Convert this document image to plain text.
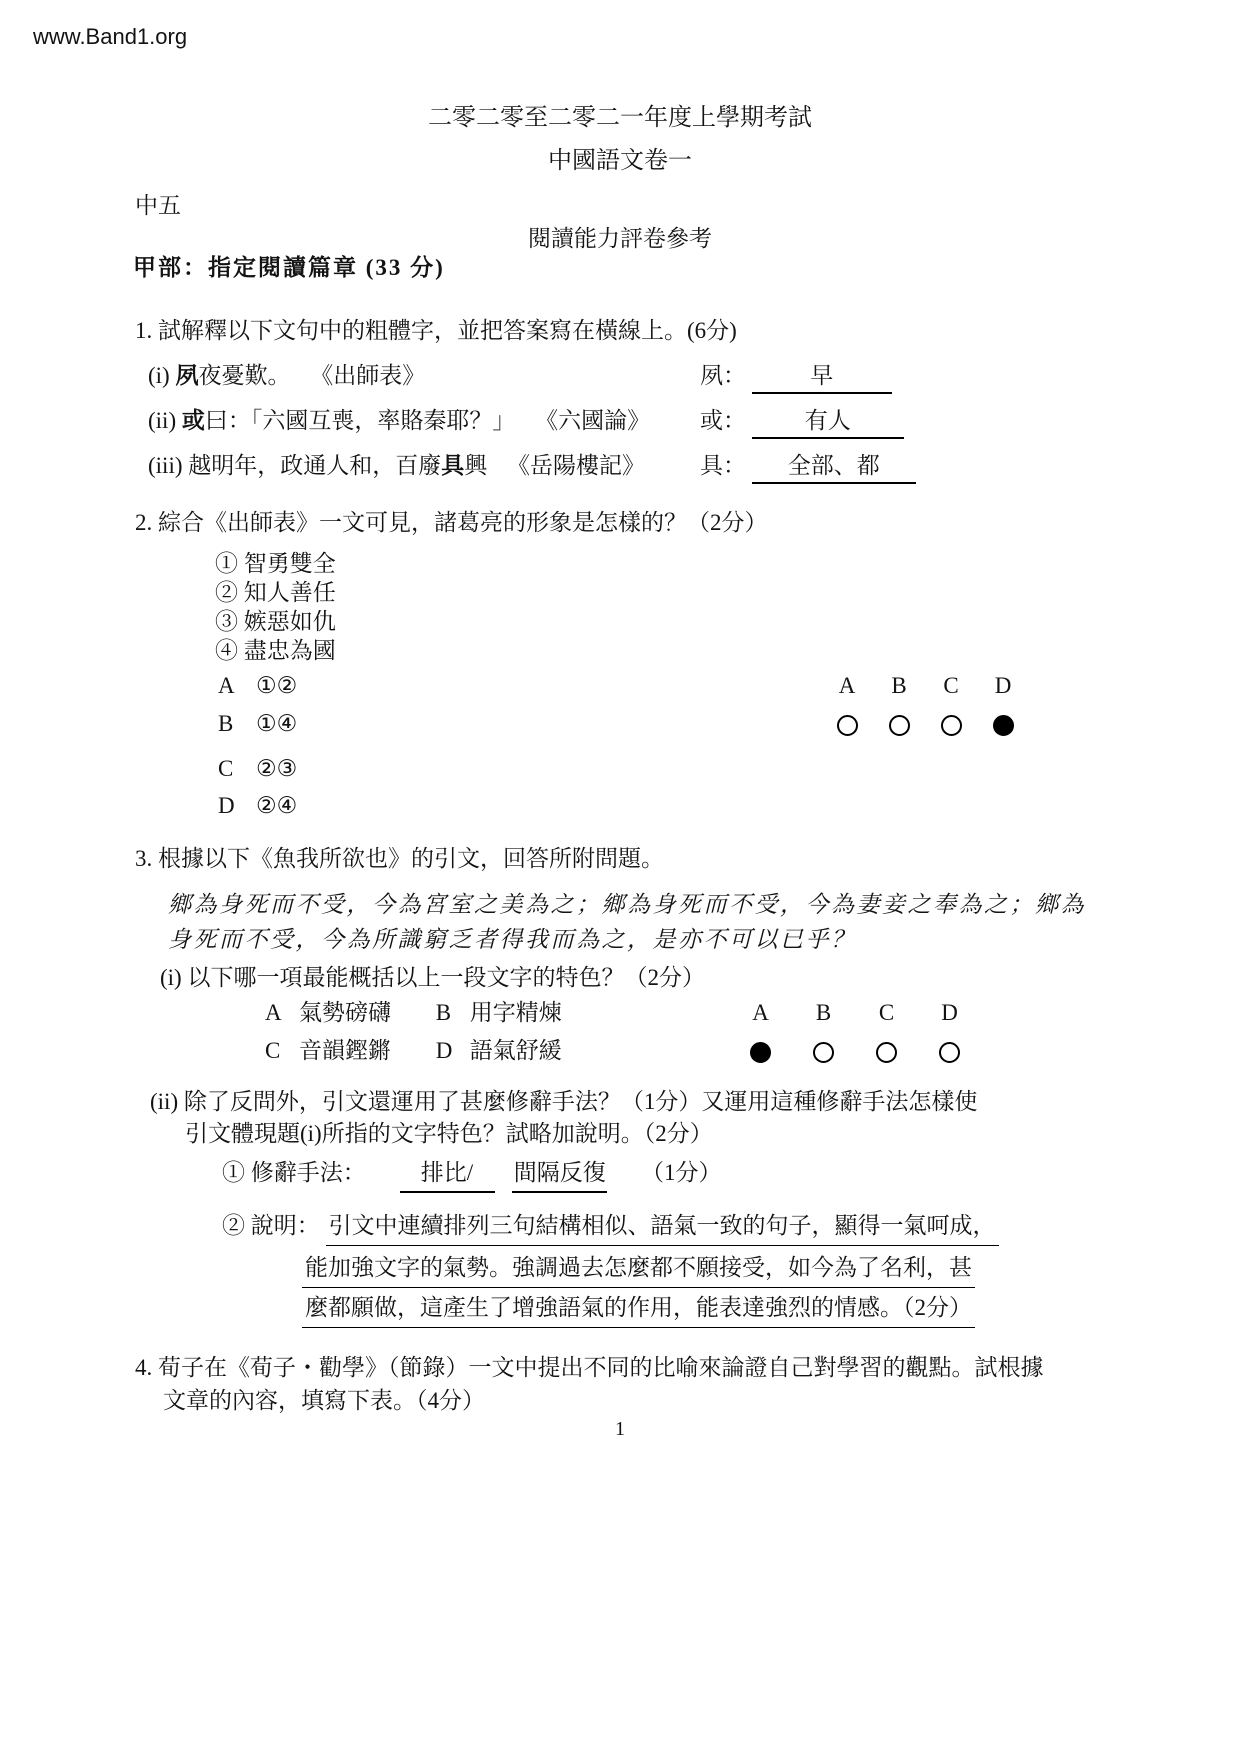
www.Band1.org
二零二零至二零二一年度上學期考試
中國語文卷一
中五
閱讀能力評卷參考
甲部：指定閱讀篇章 (33 分)
1. 試解釋以下文句中的粗體字，並把答案寫在橫線上。(6分)
(i) 夙夜憂歎。 《出師表》	夙：	早
(ii) 或曰：「六國互喪，率賂秦耶？」 《六國論》 或：	有人
(iii) 越明年，政通人和，百廢具興 《岳陽樓記》 具： 全部、都
2. 綜合《出師表》一文可見，諸葛亮的形象是怎樣的？（2分）
① 智勇雙全
② 知人善任
③ 嫉惡如仇
④ 盡忠為國
A ①②	A	B	C	D
B ①④
C ②③
D ②④
3. 根據以下《魚我所欲也》的引文，回答所附問題。
鄉為身死而不受，今為宮室之美為之；鄉為身死而不受，今為妻妾之奉為之；鄉為
身死而不受，今為所識窮乏者得我而為之，是亦不可以已乎？
(i) 以下哪一項最能概括以上一段文字的特色？（2分）
A 氣勢磅礴 B 用字精煉	A	B	C	D
C 音韻鏗鏘 D 語氣舒緩
(ii) 除了反問外，引文還運用了甚麼修辭手法？（1分）又運用這種修辭手法怎樣使
引文體現題(i)所指的文字特色？試略加說明。（2分）
① 修辭手法： 排比/ 間隔反復 （1分）
② 說明： 引文中連續排列三句結構相似、語氣一致的句子，顯得一氣呵成，
能加強文字的氣勢。強調過去怎麼都不願接受，如今為了名利，甚
麼都願做，這產生了增強語氣的作用，能表達強烈的情感。（2分）
4. 荀子在《荀子・勸學》（節錄）一文中提出不同的比喻來論證自己對學習的觀點。試根據
文章的內容，填寫下表。（4分）
1
